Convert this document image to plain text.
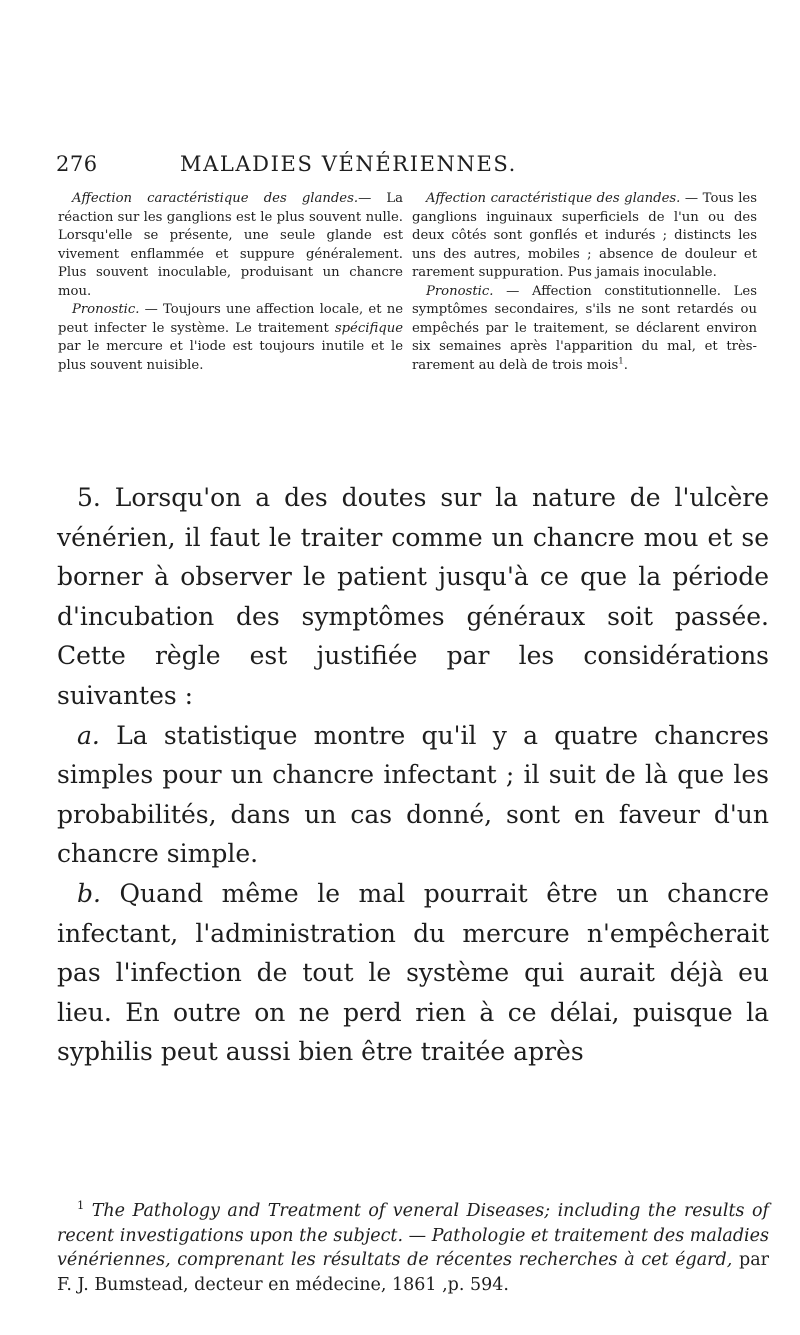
276	MALADIES VÉNÉRIENNES.

Affection caractéristique des glandes.— La réaction sur les ganglions est le plus souvent nulle. Lorsqu'elle se présente, une seule glande est vivement enflammée et suppure généralement. Plus souvent inoculable, produisant un chancre mou.

Pronostic. — Toujours une affection locale, et ne peut infecter le système. Le traitement spécifique par le mercure et l'iode est toujours inutile et le plus souvent nuisible.

Affection caractéristique des glandes. — Tous les ganglions inguinaux superficiels de l'un ou des deux côtés sont gonflés et indurés ; distincts les uns des autres, mobiles ; absence de douleur et rarement suppuration. Pus jamais inoculable.

Pronostic. — Affection constitutionnelle. Les symptômes secondaires, s'ils ne sont retardés ou empêchés par le traitement, se déclarent environ six semaines après l'apparition du mal, et très-rarement au delà de trois mois$^1$.

5. Lorsqu'on a des doutes sur la nature de l'ulcère vénérien, il faut le traiter comme un chancre mou et se borner à observer le patient jusqu'à ce que la période d'incubation des symptômes généraux soit passée. Cette règle est justifiée par les considérations suivantes :

a. La statistique montre qu'il y a quatre chancres simples pour un chancre infectant ; il suit de là que les probabilités, dans un cas donné, sont en faveur d'un chancre simple.

b. Quand même le mal pourrait être un chancre infectant, l'administration du mercure n'empêcherait pas l'infection de tout le système qui aurait déjà eu lieu. En outre on ne perd rien à ce délai, puisque la syphilis peut aussi bien être traitée après

$^1$ The Pathology and Treatment of veneral Diseases; including the results of recent investigations upon the subject. — Pathologie et traitement des maladies vénériennes, comprenant les résultats de récentes recherches à cet égard, par F. J. Bumstead, decteur en médecine, 1861 ,p. 594.
